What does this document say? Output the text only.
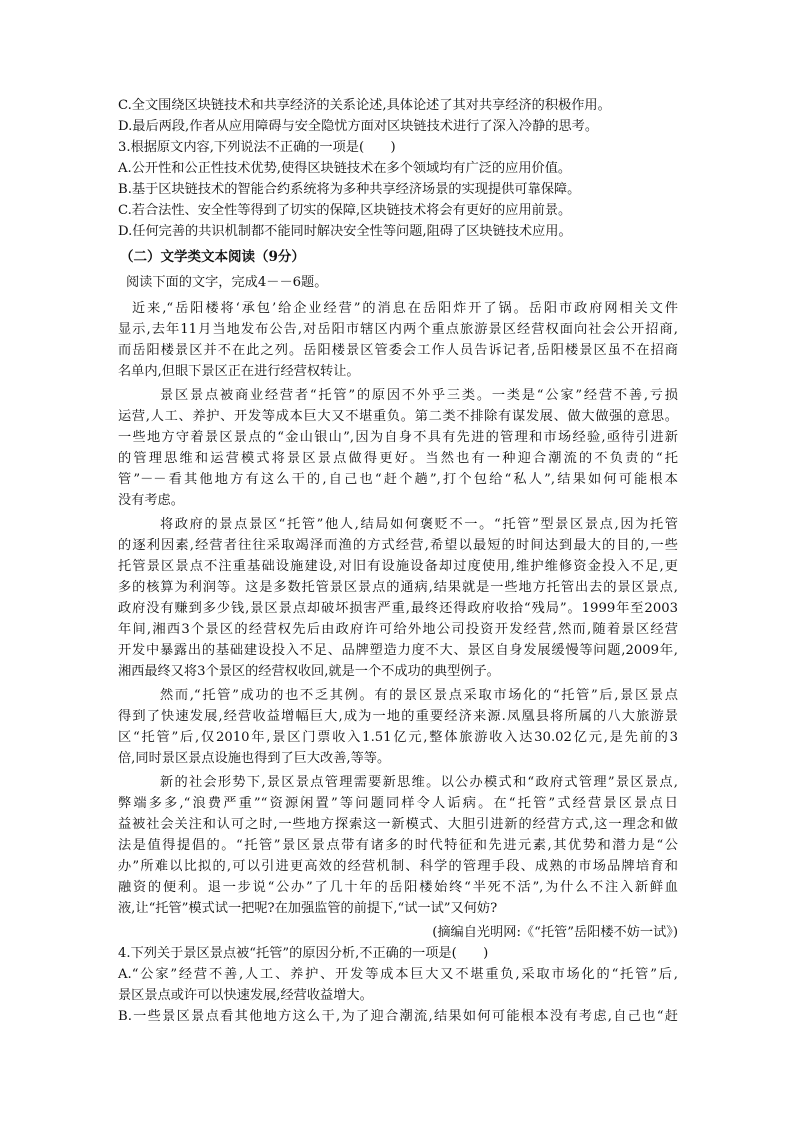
C.全文围绕区块链技术和共享经济的关系论述,具体论述了其对共享经济的积极作用。
D.最后两段,作者从应用障碍与安全隐忧方面对区块链技术进行了深入冷静的思考。
3.根据原文内容,下列说法不正确的一项是(　　)
A.公开性和公正性技术优势,使得区块链技术在多个领域均有广泛的应用价值。
B.基于区块链技术的智能合约系统将为多种共享经济场景的实现提供可靠保障。
C.若合法性、安全性等得到了切实的保障,区块链技术将会有更好的应用前景。
D.任何完善的共识机制都不能同时解决安全性等问题,阻碍了区块链技术应用。
（二）文学类文本阅读（9分）
阅读下面的文字，完成4－－6题。
近来,“岳阳楼将‘承包’给企业经营”的消息在岳阳炸开了锅。岳阳市政府网相关文件
显示,去年11月当地发布公告,对岳阳市辖区内两个重点旅游景区经营权面向社会公开招商,
而岳阳楼景区并不在此之列。岳阳楼景区管委会工作人员告诉记者,岳阳楼景区虽不在招商
名单内,但眼下景区正在进行经营权转让。
景区景点被商业经营者“托管”的原因不外乎三类。一类是“公家”经营不善,亏损
运营,人工、养护、开发等成本巨大又不堪重负。第二类不排除有谋发展、做大做强的意思。
一些地方守着景区景点的“金山银山”,因为自身不具有先进的管理和市场经验,亟待引进新
的管理思维和运营模式将景区景点做得更好。当然也有一种迎合潮流的不负责的“托
管”－－看其他地方有这么干的,自己也“赶个趟”,打个包给“私人”,结果如何可能根本
没有考虑。
将政府的景点景区“托管”他人,结局如何褒贬不一。“托管”型景区景点,因为托管
的逐利因素,经营者往往采取竭泽而渔的方式经营,希望以最短的时间达到最大的目的,一些
托管景区景点不注重基础设施建设,对旧有设施设备却过度使用,维护维修资金投入不足,更
多的核算为利润等。这是多数托管景区景点的通病,结果就是一些地方托管出去的景区景点,
政府没有赚到多少钱,景区景点却破坏损害严重,最终还得政府收拾“残局”。1999年至2003
年间,湘西3个景区的经营权先后由政府许可给外地公司投资开发经营,然而,随着景区经营
开发中暴露出的基础建设投入不足、品牌塑造力度不大、景区自身发展缓慢等问题,2009年,
湘西最终又将3个景区的经营权收回,就是一个不成功的典型例子。
然而,“托管”成功的也不乏其例。有的景区景点采取市场化的“托管”后,景区景点
得到了快速发展,经营收益增幅巨大,成为一地的重要经济来源.凤凰县将所属的八大旅游景
区“托管”后,仅2010年,景区门票收入1.51亿元,整体旅游收入达30.02亿元,是先前的3
倍,同时景区景点设施也得到了巨大改善,等等。
新的社会形势下,景区景点管理需要新思维。以公办模式和“政府式管理”景区景点,
弊端多多,“浪费严重”“资源闲置”等问题同样令人诟病。在“托管”式经营景区景点日
益被社会关注和认可之时,一些地方探索这一新模式、大胆引进新的经营方式,这一理念和做
法是值得提倡的。“托管”景区景点带有诸多的时代特征和先进元素,其优势和潜力是“公
办”所难以比拟的,可以引进更高效的经营机制、科学的管理手段、成熟的市场品牌培育和
融资的便利。退一步说“公办”了几十年的岳阳楼始终“半死不活”,为什么不注入新鲜血
液,让“托管”模式试一把呢?在加强监管的前提下,“试一试”又何妨?
(摘编自光明网:《“托管”岳阳楼不妨一试》)
4.下列关于景区景点被“托管”的原因分析,不正确的一项是(　　)
A.“公家”经营不善,人工、养护、开发等成本巨大又不堪重负,采取市场化的“托管”后,
景区景点或许可以快速发展,经营收益增大。
B.一些景区景点看其他地方这么干,为了迎合潮流,结果如何可能根本没有考虑,自己也“赶
